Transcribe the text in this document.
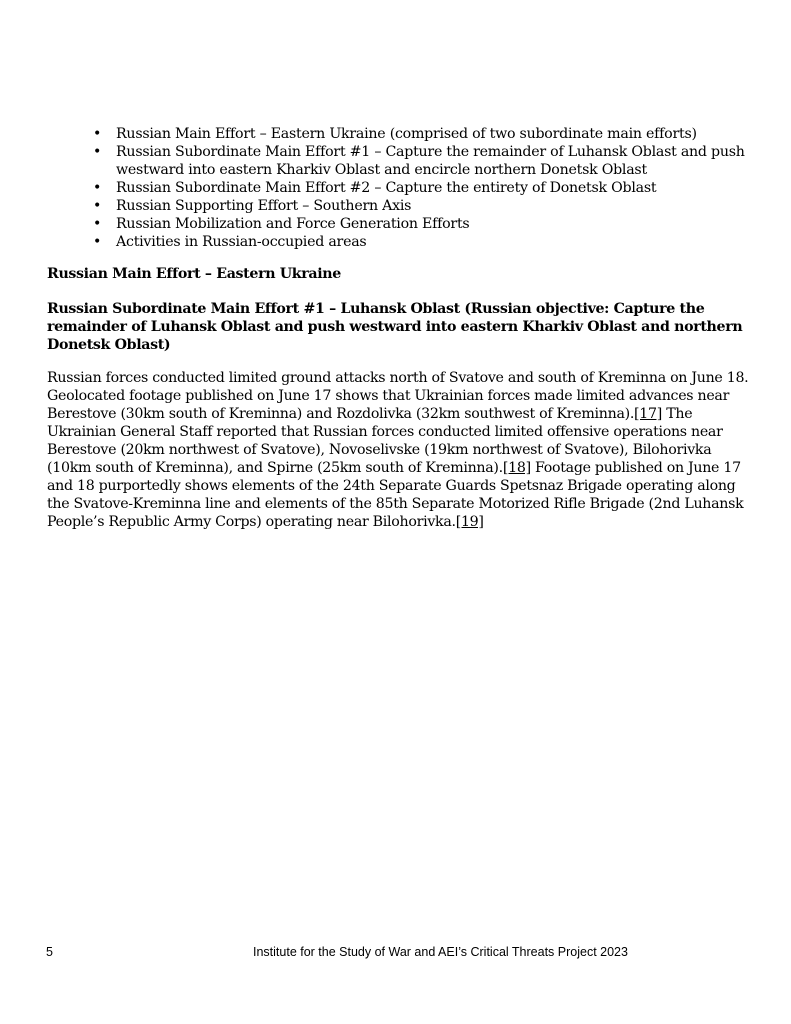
• Russian Main Effort – Eastern Ukraine (comprised of two subordinate main efforts)
• Russian Subordinate Main Effort #1 – Capture the remainder of Luhansk Oblast and push westward into eastern Kharkiv Oblast and encircle northern Donetsk Oblast
• Russian Subordinate Main Effort #2 – Capture the entirety of Donetsk Oblast
• Russian Supporting Effort – Southern Axis
• Russian Mobilization and Force Generation Efforts
• Activities in Russian-occupied areas
Russian Main Effort – Eastern Ukraine
Russian Subordinate Main Effort #1 – Luhansk Oblast (Russian objective: Capture the remainder of Luhansk Oblast and push westward into eastern Kharkiv Oblast and northern Donetsk Oblast)

Russian forces conducted limited ground attacks north of Svatove and south of Kreminna on June 18. Geolocated footage published on June 17 shows that Ukrainian forces made limited advances near Berestove (30km south of Kreminna) and Rozdolivka (32km southwest of Kreminna).[17] The Ukrainian General Staff reported that Russian forces conducted limited offensive operations near Berestove (20km northwest of Svatove), Novoselivske (19km northwest of Svatove), Bilohorivka (10km south of Kreminna), and Spirne (25km south of Kreminna).[18] Footage published on June 17 and 18 purportedly shows elements of the 24th Separate Guards Spetsnaz Brigade operating along the Svatove-Kreminna line and elements of the 85th Separate Motorized Rifle Brigade (2nd Luhansk People’s Republic Army Corps) operating near Bilohorivka.[19]

5	Institute for the Study of War and AEI’s Critical Threats Project 2023
